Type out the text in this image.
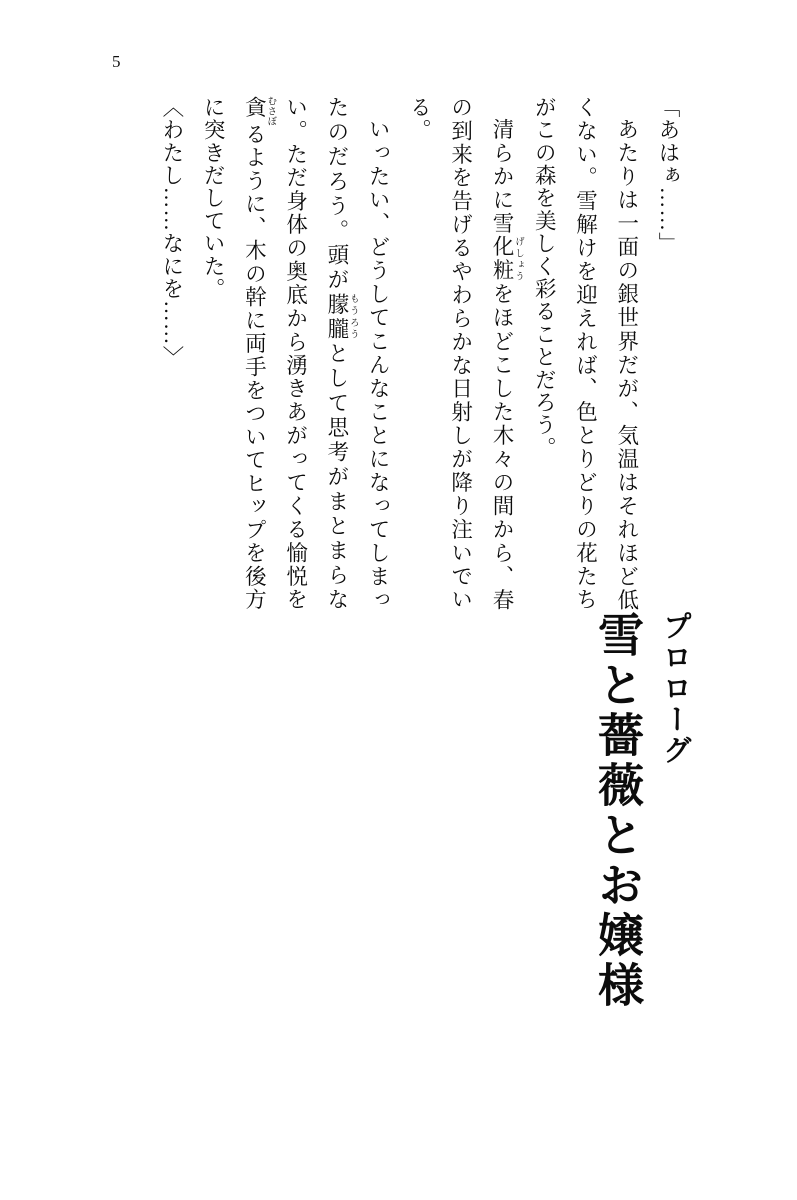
5

「あはぁ……」

あたりは一面の銀世界だが、気温はそれほど低くない。雪解けを迎えれば、色とりどりの花たちがこの森を美しく彩ることだろう。

清らかに雪化粧 げしょうをほどこした木々の間から、春の到来を告げるやわらかな日射しが降り注いでいる。

いったい、どうしてこんなことになってしまったのだろう。頭が朦朧 もうろうとして思考がまとまらない。ただ身体の奥底から湧きあがってくる愉悦を貪 むさぼるように、木の幹に両手をついてヒップを後方に突きだしていた。

〈わたし……なにを……〉

プロローグ
雪と薔薇とお嬢様
